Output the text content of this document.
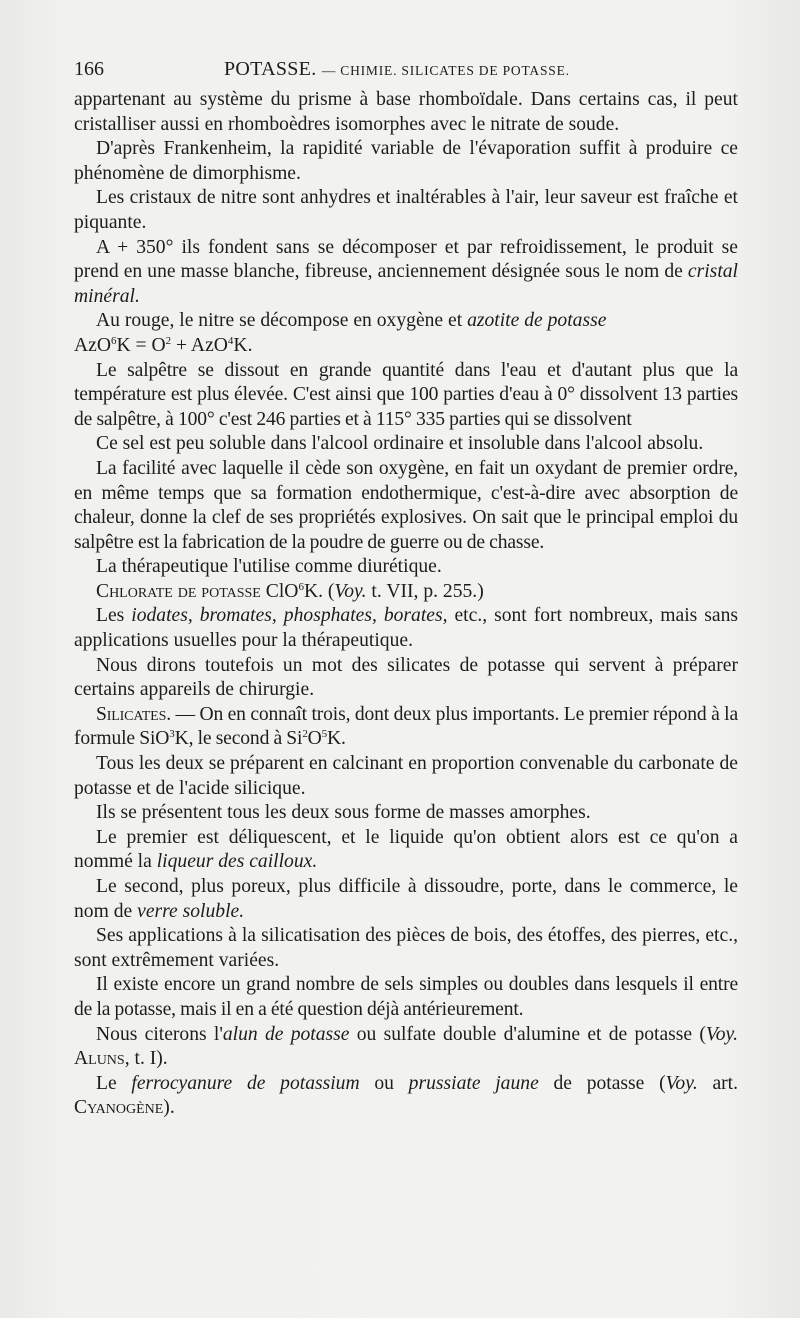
166	POTASSE. — CHIMIE. SILICATES DE POTASSE.

appartenant au système du prisme à base rhomboïdale. Dans certains cas, il peut cristalliser aussi en rhomboèdres isomorphes avec le nitrate de soude.

D'après Frankenheim, la rapidité variable de l'évaporation suffit à produire ce phénomène de dimorphisme.

Les cristaux de nitre sont anhydres et inaltérables à l'air, leur saveur est fraîche et piquante.

A + 350° ils fondent sans se décomposer et par refroidissement, le produit se prend en une masse blanche, fibreuse, anciennement désignée sous le nom de cristal minéral.

Au rouge, le nitre se décompose en oxygène et azotite de potasse
$AzO^6K = O^2 + AzO^4K$.

Le salpêtre se dissout en grande quantité dans l'eau et d'autant plus que la température est plus élevée. C'est ainsi que 100 parties d'eau à 0° dissolvent 13 parties de salpêtre, à 100° c'est 246 parties et à 115° 335 parties qui se dissolvent

Ce sel est peu soluble dans l'alcool ordinaire et insoluble dans l'alcool absolu.

La facilité avec laquelle il cède son oxygène, en fait un oxydant de premier ordre, en même temps que sa formation endothermique, c'est-à-dire avec absorption de chaleur, donne la clef de ses propriétés explosives. On sait que le principal emploi du salpêtre est la fabrication de la poudre de guerre ou de chasse.

La thérapeutique l'utilise comme diurétique.

Chlorate de potasse ClO$^6$K. (Voy. t. VII, p. 255.)

Les iodates, bromates, phosphates, borates, etc., sont fort nombreux, mais sans applications usuelles pour la thérapeutique.

Nous dirons toutefois un mot des silicates de potasse qui servent à préparer certains appareils de chirurgie.

Silicates. — On en connaît trois, dont deux plus importants. Le premier répond à la formule SiO$^3$K, le second à $Si^2O^5K$.

Tous les deux se préparent en calcinant en proportion convenable du carbonate de potasse et de l'acide silicique.

Ils se présentent tous les deux sous forme de masses amorphes.

Le premier est déliquescent, et le liquide qu'on obtient alors est ce qu'on a nommé la liqueur des cailloux.

Le second, plus poreux, plus difficile à dissoudre, porte, dans le commerce, le nom de verre soluble.

Ses applications à la silicatisation des pièces de bois, des étoffes, des pierres, etc., sont extrêmement variées.

Il existe encore un grand nombre de sels simples ou doubles dans lesquels il entre de la potasse, mais il en a été question déjà antérieurement.

Nous citerons l'alun de potasse ou sulfate double d'alumine et de potasse (Voy. Aluns, t. I).

Le ferrocyanure de potassium ou prussiate jaune de potasse (Voy. art. Cyanogène).
